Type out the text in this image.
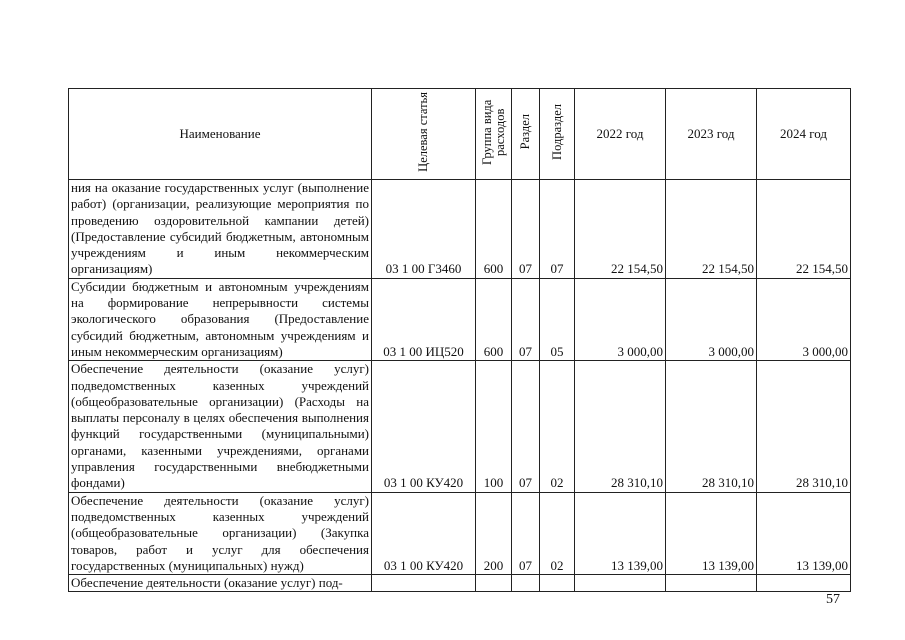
Наименование	Целевая статья	Группа вида расходов	Раздел	Подраздел	2022 год	2023 год	2024 год
ния на оказание государственных услуг (выполнение работ) (организации, реализующие мероприятия по проведению оздоровительной кампании детей) (Предоставление субсидий бюджетным, автономным учреждениям и иным некоммерческим организациям)	03 1 00 Г3460	600	07	07	22 154,50	22 154,50	22 154,50
Субсидии бюджетным и автономным учреждениям на формирование непрерывности системы экологического образования (Предоставление субсидий бюджетным, автономным учреждениям и иным некоммерческим организациям)	03 1 00 ИЦ520	600	07	05	3 000,00	3 000,00	3 000,00
Обеспечение деятельности (оказание услуг) подведомственных казенных учреждений (общеобразовательные организации) (Расходы на выплаты персоналу в целях обеспечения выполнения функций государственными (муниципальными) органами, казенными учреждениями, органами управления государственными внебюджетными фондами)	03 1 00 КУ420	100	07	02	28 310,10	28 310,10	28 310,10
Обеспечение деятельности (оказание услуг) подведомственных казенных учреждений (общеобразовательные организации) (Закупка товаров, работ и услуг для обеспечения государственных (муниципальных) нужд)	03 1 00 КУ420	200	07	02	13 139,00	13 139,00	13 139,00
Обеспечение деятельности (оказание услуг) под-							
57
